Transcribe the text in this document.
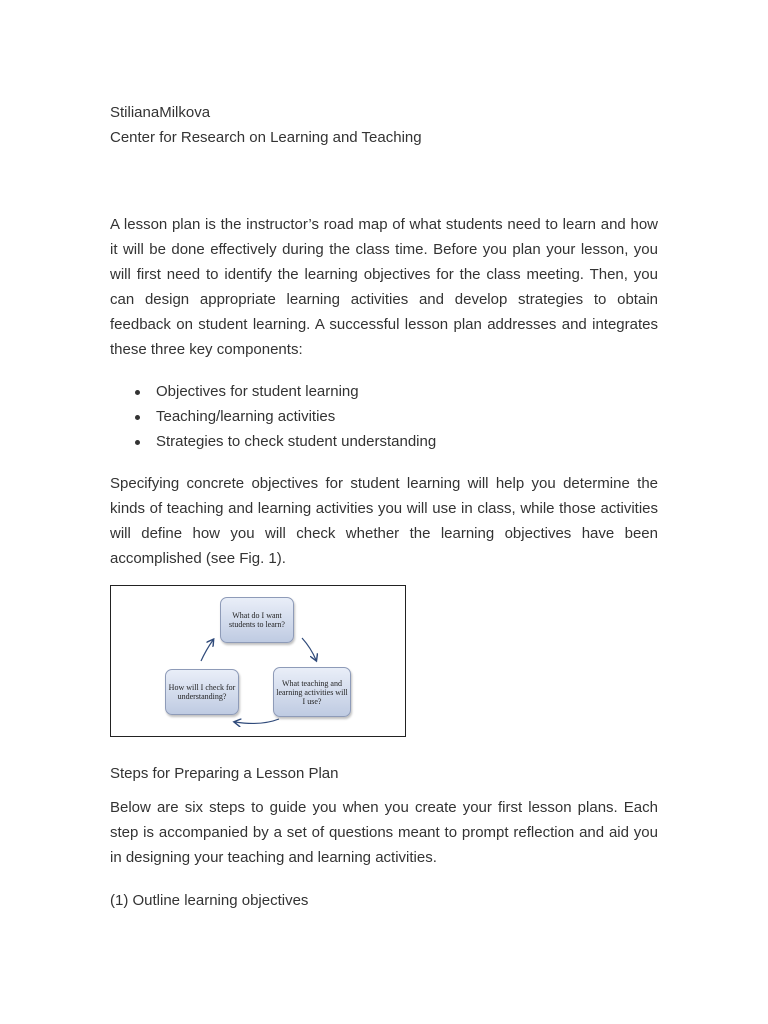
StilianaMilkova

Center for Research on Learning and Teaching

A lesson plan is the instructor’s road map of what students need to learn and how it will be done effectively during the class time. Before you plan your lesson, you will first need to identify the learning objectives for the class meeting. Then, you can design appropriate learning activities and develop strategies to obtain feedback on student learning. A successful lesson plan addresses and integrates these three key components:

Objectives for student learning
Teaching/learning activities
Strategies to check student understanding

Specifying concrete objectives for student learning will help you determine the kinds of teaching and learning activities you will use in class, while those activities will define how you will check whether the learning objectives have been accomplished (see Fig. 1).

What do I want students to learn?
What teaching and learning activities will I use?
How will I check for understanding?

Steps for Preparing a Lesson Plan

Below are six steps to guide you when you create your first lesson plans. Each step is accompanied by a set of questions meant to prompt reflection and aid you in designing your teaching and learning activities.

(1) Outline learning objectives
